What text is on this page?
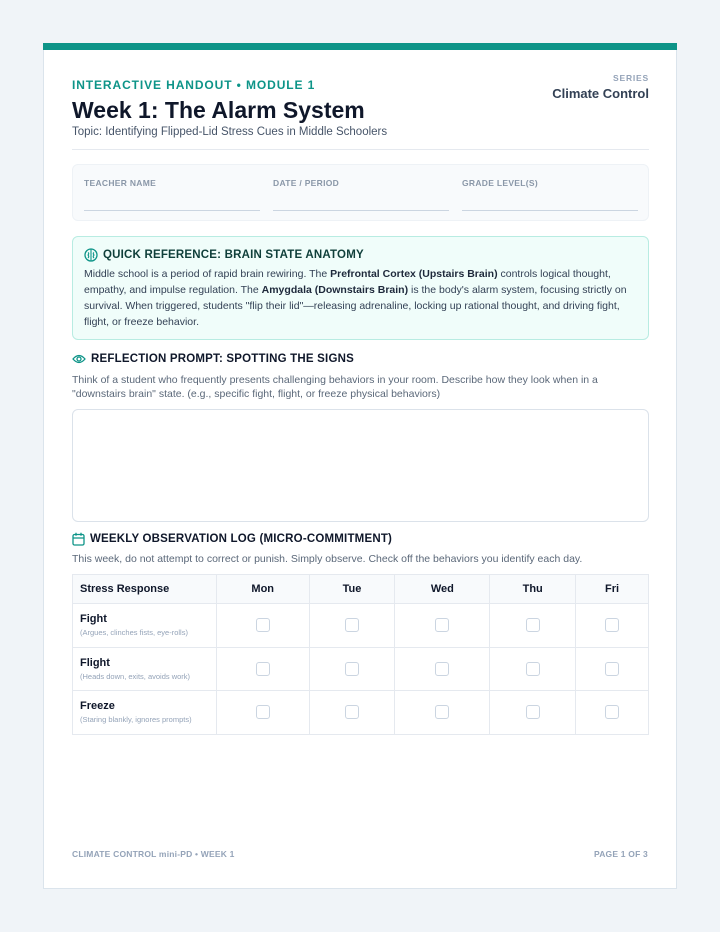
INTERACTIVE HANDOUT • MODULE 1
Week 1: The Alarm System
Topic: Identifying Flipped-Lid Stress Cues in Middle Schoolers
SERIES
Climate Control
TEACHER NAME	DATE / PERIOD	GRADE LEVEL(S)
QUICK REFERENCE: BRAIN STATE ANATOMY
Middle school is a period of rapid brain rewiring. The Prefrontal Cortex (Upstairs Brain) controls logical thought, empathy, and impulse regulation. The Amygdala (Downstairs Brain) is the body's alarm system, focusing strictly on survival. When triggered, students "flip their lid"—releasing adrenaline, locking up rational thought, and driving fight, flight, or freeze behavior.
REFLECTION PROMPT: SPOTTING THE SIGNS
Think of a student who frequently presents challenging behaviors in your room. Describe how they look when in a "downstairs brain" state. (e.g., specific fight, flight, or freeze physical behaviors)
WEEKLY OBSERVATION LOG (MICRO-COMMITMENT)
This week, do not attempt to correct or punish. Simply observe. Check off the behaviors you identify each day.
Stress Response	Mon	Tue	Wed	Thu	Fri

Fight
(Argues, clinches fists, eye-rolls)					

Flight
(Heads down, exits, avoids work)					

Freeze
(Staring blankly, ignores prompts)					

CLIMATE CONTROL mini-PD • WEEK 1	PAGE 1 OF 3
